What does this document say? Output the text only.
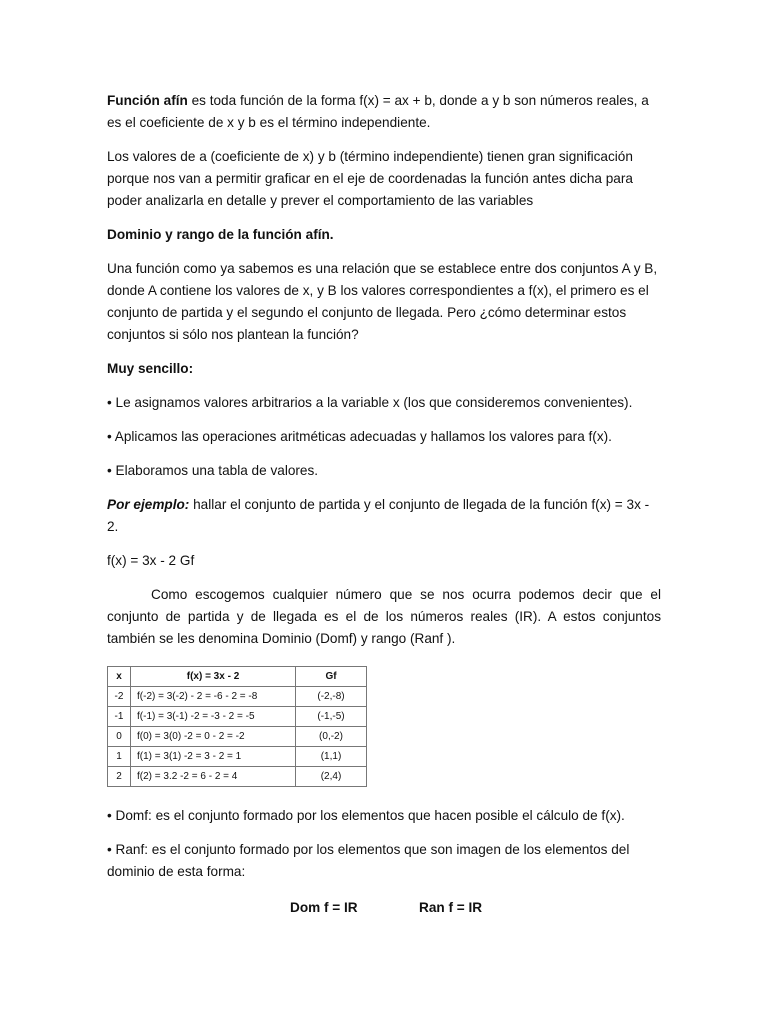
Función afín es toda función de la forma f(x) = ax + b, donde a y b son números reales, a es el coeficiente de x y b es el término independiente.

Los valores de a (coeficiente de x) y b (término independiente) tienen gran significación porque nos van a permitir graficar en el eje de coordenadas la función antes dicha para poder analizarla en detalle y prever el comportamiento de las variables

Dominio y rango de la función afín.

Una función como ya sabemos es una relación que se establece entre dos conjuntos A y B, donde A contiene los valores de x, y B los valores correspondientes a f(x), el primero es el conjunto de partida y el segundo el conjunto de llegada. Pero ¿cómo determinar estos conjuntos si sólo nos plantean la función?

Muy sencillo:

• Le asignamos valores arbitrarios a la variable x (los que consideremos convenientes).

• Aplicamos las operaciones aritméticas adecuadas y hallamos los valores para f(x).

• Elaboramos una tabla de valores.

Por ejemplo: hallar el conjunto de partida y el conjunto de llegada de la función f(x) = 3x - 2.

f(x) = 3x - 2 Gf

Como escogemos cualquier número que se nos ocurra podemos decir que el conjunto de partida y de llegada es el de los números reales (IR). A estos conjuntos también se les denomina Dominio (Domf) y rango (Ranf ).

x	f(x) = 3x - 2	Gf
-2	f(-2) = 3(-2) - 2 = -6 - 2 = -8	(-2,-8)
-1	f(-1) = 3(-1) -2 = -3 - 2 = -5	(-1,-5)
0	f(0) = 3(0) -2 = 0 - 2 = -2	(0,-2)
1	f(1) = 3(1) -2 = 3 - 2 = 1	(1,1)
2	f(2) = 3.2 -2 = 6 - 2 = 4	(2,4)

• Domf: es el conjunto formado por los elementos que hacen posible el cálculo de f(x).

• Ranf: es el conjunto formado por los elementos que son imagen de los elementos del dominio de esta forma:

Dom f = IR	Ran f = IR
